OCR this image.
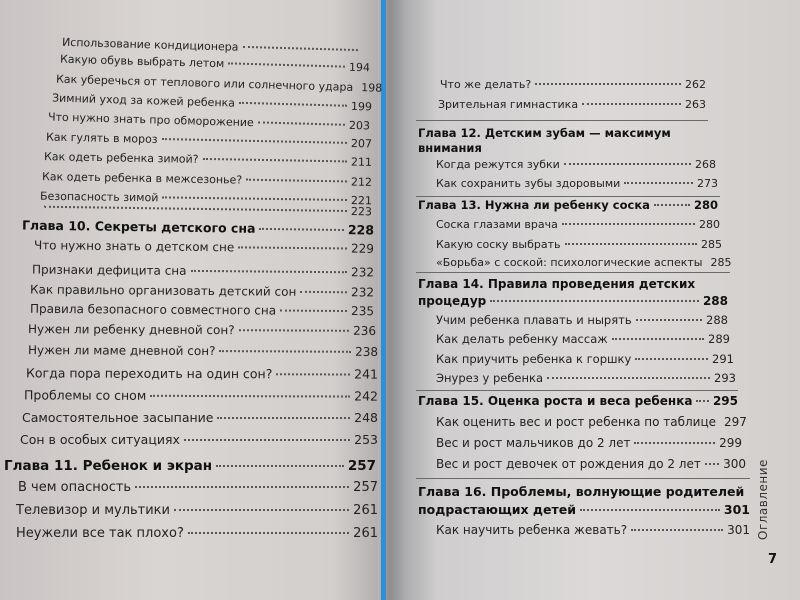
Использование кондиционера
Какую обувь выбрать летом	194
Как уберечься от теплового или солнечного удара 198
Зимний уход за кожей ребенка	199
Что нужно знать про обморожение	203
Как гулять в мороз	207
Как одеть ребенка зимой?	211
Как одеть ребенка в межсезонье?	212
Безопасность зимой	221
223
Глава 10. Секреты детского сна	228
Что нужно знать о детском сне	229
Признаки дефицита сна	232
Как правильно организовать детский сон	232
Правила безопасного совместного сна	235
Нужен ли ребенку дневной сон?	236
Нужен ли маме дневной сон?	238
Когда пора переходить на один сон?	241
Проблемы со сном	242
Самостоятельное засыпание	248
Сон в особых ситуациях	253
Глава 11. Ребенок и экран	257
В чем опасность	257
Телевизор и мультики	261
Неужели все так плохо?	261
Что же делать?	262
Зрительная гимнастика	263
Глава 12. Детским зубам — максимум
внимания
Когда режутся зубки	268
Как сохранить зубы здоровыми	273
Глава 13. Нужна ли ребенку соска	280
Соска глазами врача	280
Какую соску выбрать	285
«Борьба» с соской: психологические аспекты 285
Глава 14. Правила проведения детских
процедур	288
Учим ребенка плавать и нырять	288
Как делать ребенку массаж	289
Как приучить ребенка к горшку	291
Энурез у ребенка	293
Глава 15. Оценка роста и веса ребенка 295
Как оценить вес и рост ребенка по таблице 297
Вес и рост мальчиков до 2 лет	299
Вес и рост девочек от рождения до 2 лет 300
Глава 16. Проблемы, волнующие родителей
подрастающих детей	301
Как научить ребенка жевать?	301 Оглавление
7
